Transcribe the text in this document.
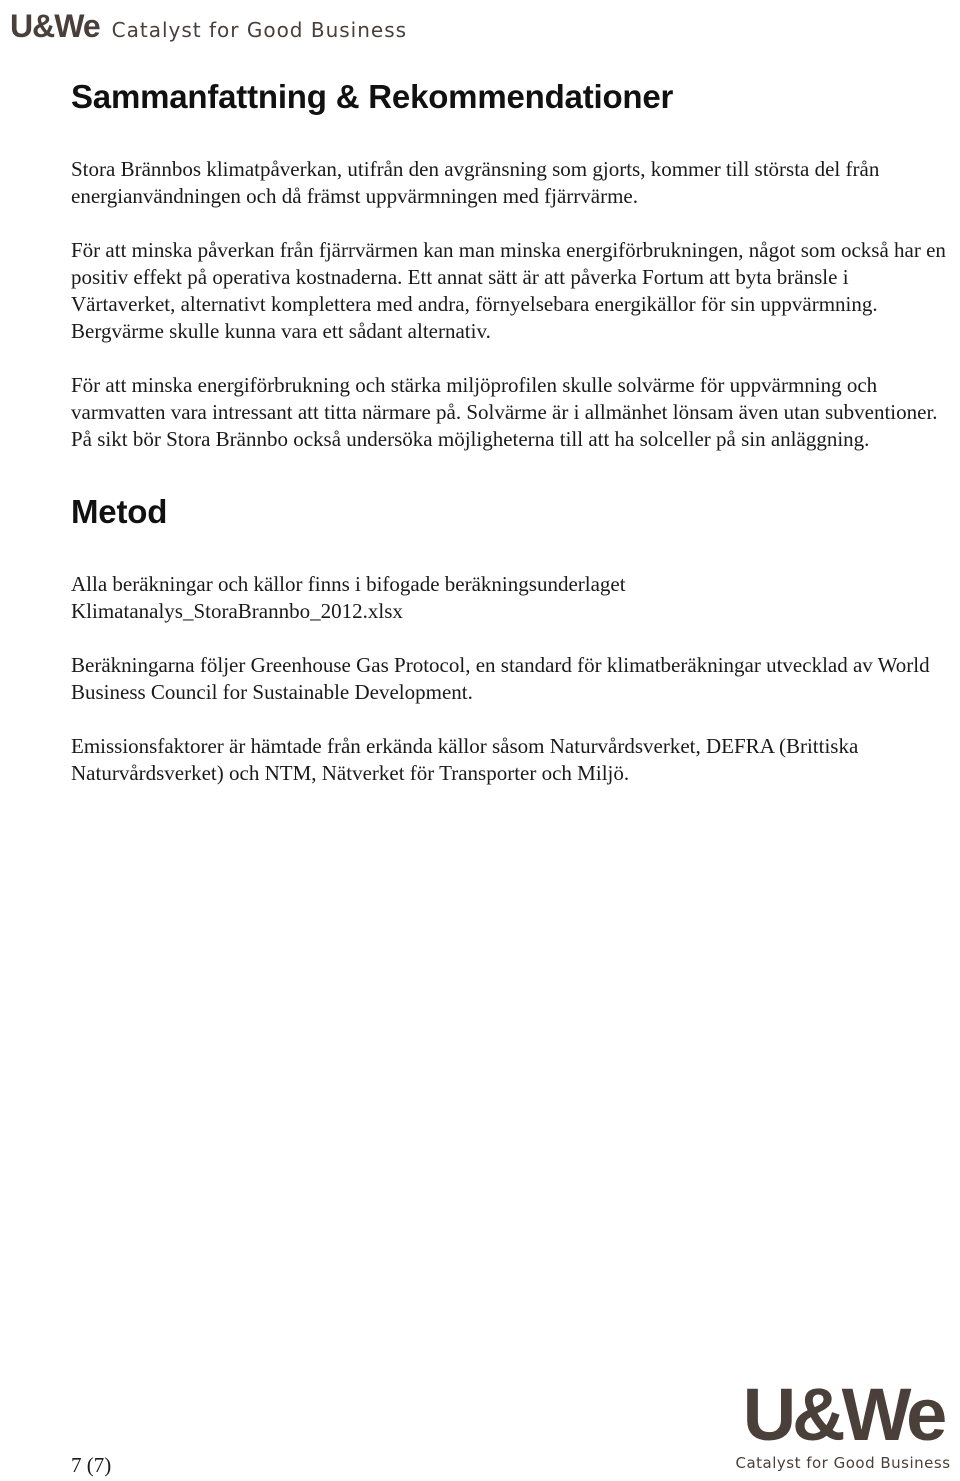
U&We Catalyst for Good Business
Sammanfattning & Rekommendationer

Stora Brännbos klimatpåverkan, utifrån den avgränsning som gjorts, kommer till största del från energianvändningen och då främst uppvärmningen med fjärrvärme.

För att minska påverkan från fjärrvärmen kan man minska energiförbrukningen, något som också har en positiv effekt på operativa kostnaderna. Ett annat sätt är att påverka Fortum att byta bränsle i Värtaverket, alternativt komplettera med andra, förnyelsebara energikällor för sin uppvärmning. Bergvärme skulle kunna vara ett sådant alternativ.

För att minska energiförbrukning och stärka miljöprofilen skulle solvärme för uppvärmning och varmvatten vara intressant att titta närmare på. Solvärme är i allmänhet lönsam även utan subventioner. På sikt bör Stora Brännbo också undersöka möjligheterna till att ha solceller på sin anläggning.

Metod

Alla beräkningar och källor finns i bifogade beräkningsunderlaget Klimatanalys_StoraBrannbo_2012.xlsx

Beräkningarna följer Greenhouse Gas Protocol, en standard för klimatberäkningar utvecklad av World Business Council for Sustainable Development.

Emissionsfaktorer är hämtade från erkända källor såsom Naturvårdsverket, DEFRA (Brittiska Naturvårdsverket) och NTM, Nätverket för Transporter och Miljö.

7 (7)
U&We
Catalyst for Good Business
